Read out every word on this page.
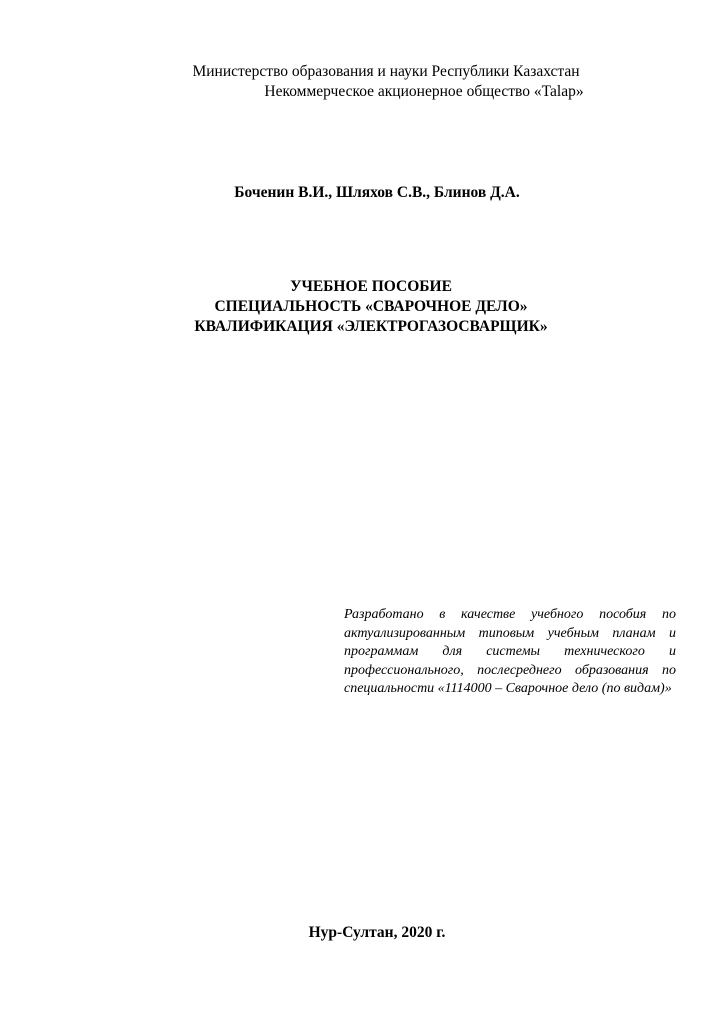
Министерство образования и науки Республики Казахстан
Некоммерческое акционерное общество «Talap»
Боченин В.И., Шляхов С.В., Блинов Д.А.
УЧЕБНОЕ ПОСОБИЕ
СПЕЦИАЛЬНОСТЬ «СВАРОЧНОЕ ДЕЛО»
КВАЛИФИКАЦИЯ «ЭЛЕКТРОГАЗОСВАРЩИК»
Разработано в качестве учебного пособия по актуализированным типовым учебным планам и программам для системы технического и профессионального, послесреднего образования по специальности «1114000 – Сварочное дело (по видам)»
Нур-Султан, 2020 г.
